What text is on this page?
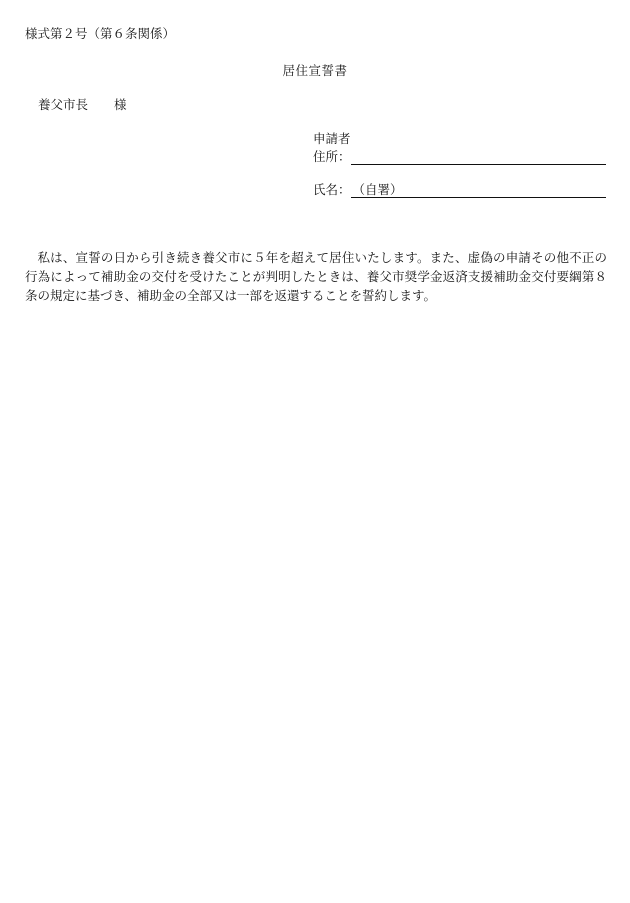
様式第２号（第６条関係）
居住宣誓書
養父市長 様
申請者
住所：
氏名： （自署）
私は、宣誓の日から引き続き養父市に５年を超えて居住いたします。また、虚偽の申請その他不正の行為によって補助金の交付を受けたことが判明したときは、養父市奨学金返済支援補助金交付要綱第８条の規定に基づき、補助金の全部又は一部を返還することを誓約します。
